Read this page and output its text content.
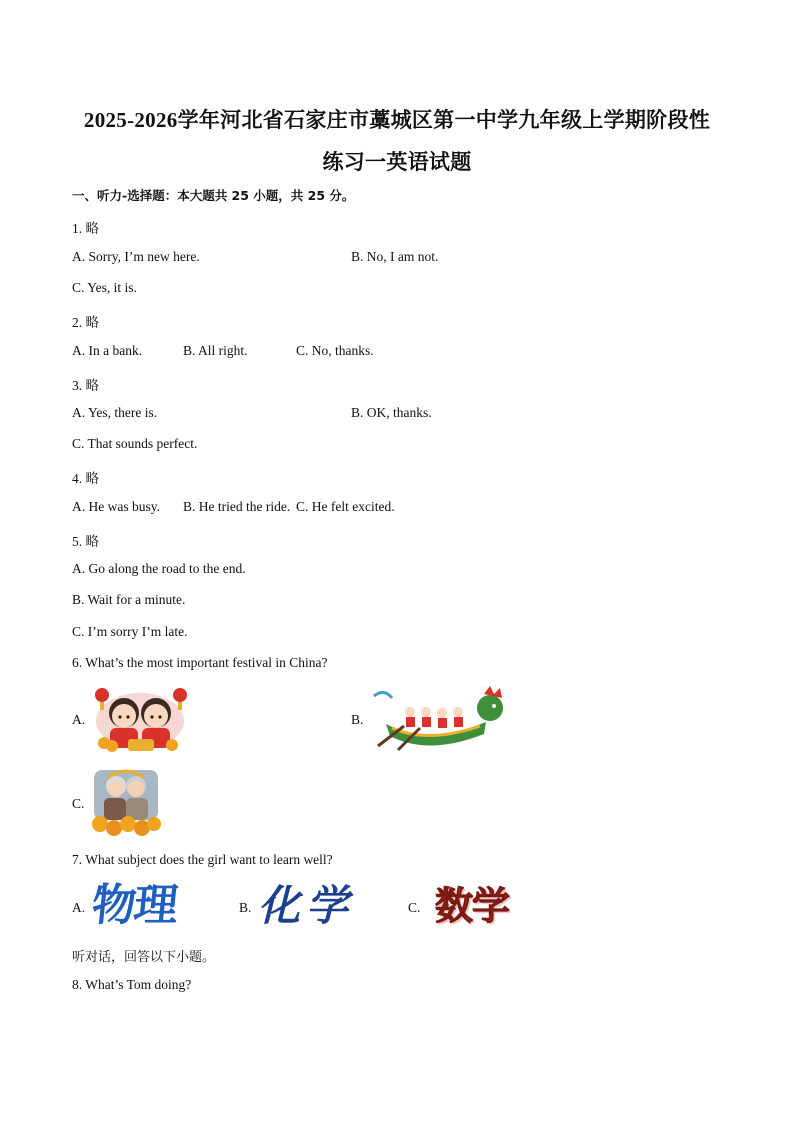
2025-2026学年河北省石家庄市藁城区第一中学九年级上学期阶段性
练习一英语试题
一、听力-选择题：本大题共 25 小题，共 25 分。
1. 略
A. Sorry, I’m new here.	B. No, I am not.
C. Yes, it is.
2. 略
A. In a bank.	B. All right.	C. No, thanks.
3. 略
A. Yes, there is.	B. OK, thanks.
C. That sounds perfect.
4. 略
A. He was busy. B. He tried the ride. C. He felt excited.
5. 略
A. Go along the road to the end.
B. Wait for a minute.
C. I’m sorry I’m late.
6. What’s the most important festival in China?
A.	B.
C.
7. What subject does the girl want to learn well?
A.	B.	C.
物理 化学 数学
听对话，回答以下小题。
8. What’s Tom doing?
